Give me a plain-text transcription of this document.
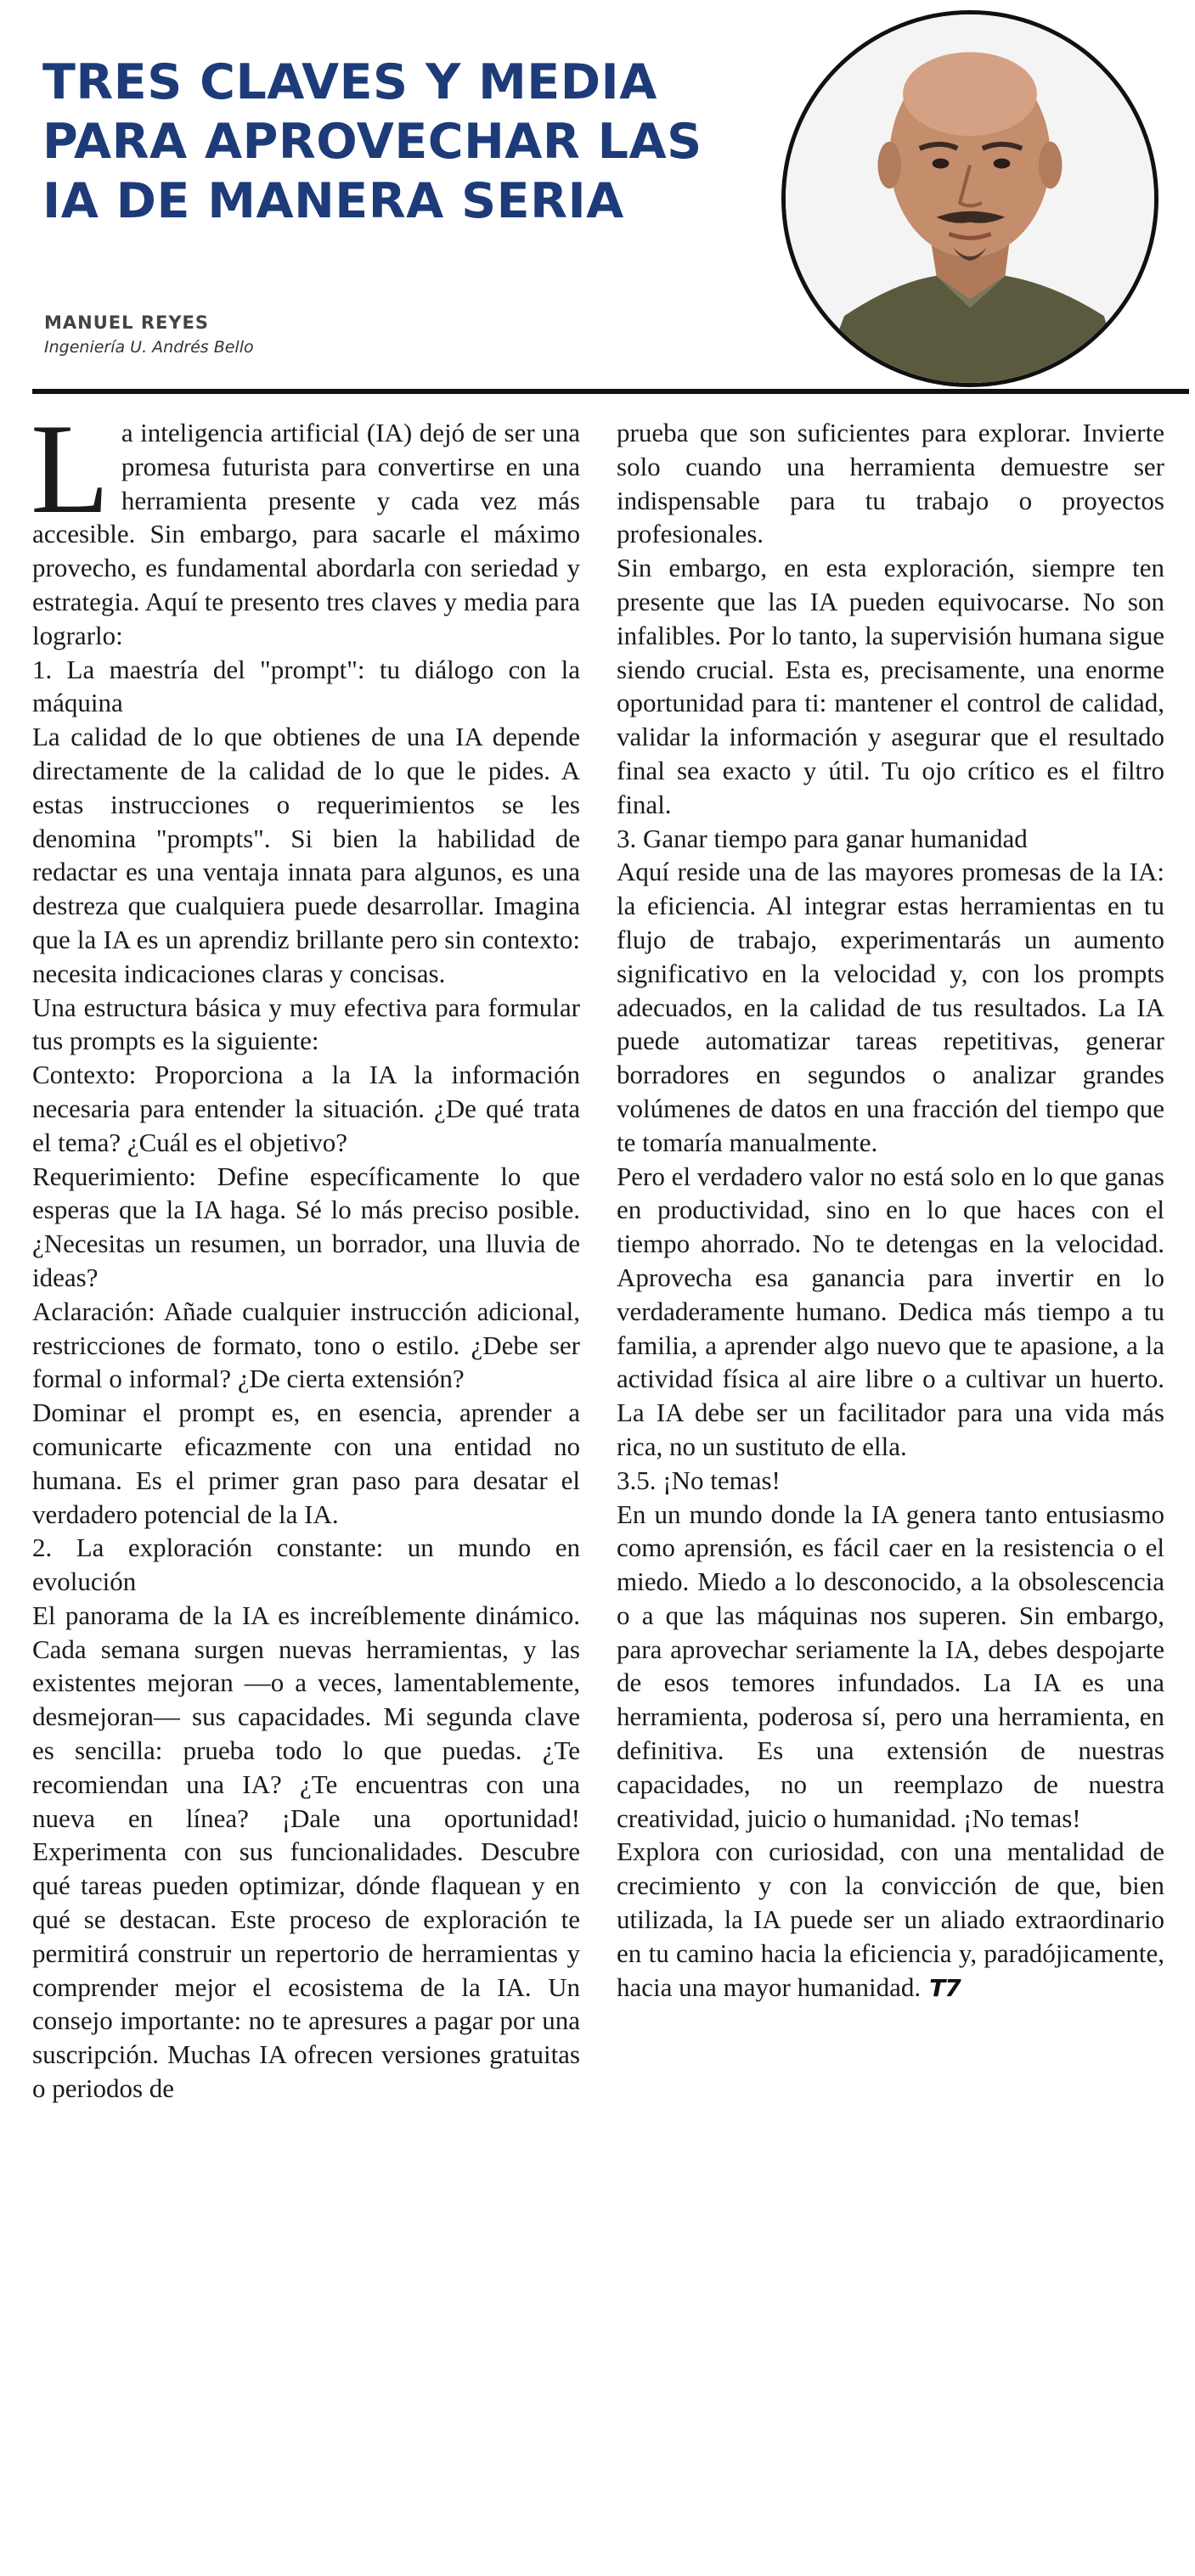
TRES CLAVES Y MEDIA
PARA APROVECHAR LAS
IA DE MANERA SERIA
MANUEL REYES
Ingeniería U. Andrés Bello

La inteligencia artificial (IA) dejó de ser una promesa futurista para convertirse en una herramienta presente y cada vez más accesible. Sin embargo, para sacarle el máximo provecho, es fundamental abordarla con seriedad y estrategia. Aquí te presento tres claves y media para lograrlo:

1. La maestría del "prompt": tu diálogo con la máquina

La calidad de lo que obtienes de una IA depende directamente de la calidad de lo que le pides. A estas instrucciones o requerimientos se les denomina "prompts". Si bien la habilidad de redactar es una ventaja innata para algunos, es una destreza que cualquiera puede desarrollar. Imagina que la IA es un aprendiz brillante pero sin contexto: necesita indicaciones claras y concisas.

Una estructura básica y muy efectiva para formular tus prompts es la siguiente:

Contexto: Proporciona a la IA la información necesaria para entender la situación. ¿De qué trata el tema? ¿Cuál es el objetivo?

Requerimiento: Define específicamente lo que esperas que la IA haga. Sé lo más preciso posible. ¿Necesitas un resumen, un borrador, una lluvia de ideas?

Aclaración: Añade cualquier instrucción adicional, restricciones de formato, tono o estilo. ¿Debe ser formal o informal? ¿De cierta extensión?

Dominar el prompt es, en esencia, aprender a comunicarte eficazmente con una entidad no humana. Es el primer gran paso para desatar el verdadero potencial de la IA.

2. La exploración constante: un mundo en evolución

El panorama de la IA es increíblemente dinámico. Cada semana surgen nuevas herramientas, y las existentes mejoran —o a veces, lamentablemente, desmejoran— sus capacidades. Mi segunda clave es sencilla: prueba todo lo que puedas. ¿Te recomiendan una IA? ¿Te encuentras con una nueva en línea? ¡Dale una oportunidad! Experimenta con sus funcionalidades. Descubre qué tareas pueden optimizar, dónde flaquean y en qué se destacan. Este proceso de exploración te permitirá construir un repertorio de herramientas y comprender mejor el ecosistema de la IA. Un consejo importante: no te apresures a pagar por una suscripción. Muchas IA ofrecen versiones gratuitas o periodos de

prueba que son suficientes para explorar. Invierte solo cuando una herramienta demuestre ser indispensable para tu trabajo o proyectos profesionales.

Sin embargo, en esta exploración, siempre ten presente que las IA pueden equivocarse. No son infalibles. Por lo tanto, la supervisión humana sigue siendo crucial. Esta es, precisamente, una enorme oportunidad para ti: mantener el control de calidad, validar la información y asegurar que el resultado final sea exacto y útil. Tu ojo crítico es el filtro final.

3. Ganar tiempo para ganar humanidad

Aquí reside una de las mayores promesas de la IA: la eficiencia. Al integrar estas herramientas en tu flujo de trabajo, experimentarás un aumento significativo en la velocidad y, con los prompts adecuados, en la calidad de tus resultados. La IA puede automatizar tareas repetitivas, generar borradores en segundos o analizar grandes volúmenes de datos en una fracción del tiempo que te tomaría manualmente.

Pero el verdadero valor no está solo en lo que ganas en productividad, sino en lo que haces con el tiempo ahorrado. No te detengas en la velocidad. Aprovecha esa ganancia para invertir en lo verdaderamente humano. Dedica más tiempo a tu familia, a aprender algo nuevo que te apasione, a la actividad física al aire libre o a cultivar un huerto. La IA debe ser un facilitador para una vida más rica, no un sustituto de ella.

3.5. ¡No temas!

En un mundo donde la IA genera tanto entusiasmo como aprensión, es fácil caer en la resistencia o el miedo. Miedo a lo desconocido, a la obsolescencia o a que las máquinas nos superen. Sin embargo, para aprovechar seriamente la IA, debes despojarte de esos temores infundados. La IA es una herramienta, poderosa sí, pero una herramienta, en definitiva. Es una extensión de nuestras capacidades, no un reemplazo de nuestra creatividad, juicio o humanidad. ¡No temas!

Explora con curiosidad, con una mentalidad de crecimiento y con la convicción de que, bien utilizada, la IA puede ser un aliado extraordinario en tu camino hacia la eficiencia y, paradójicamente, hacia una mayor humanidad. T7
